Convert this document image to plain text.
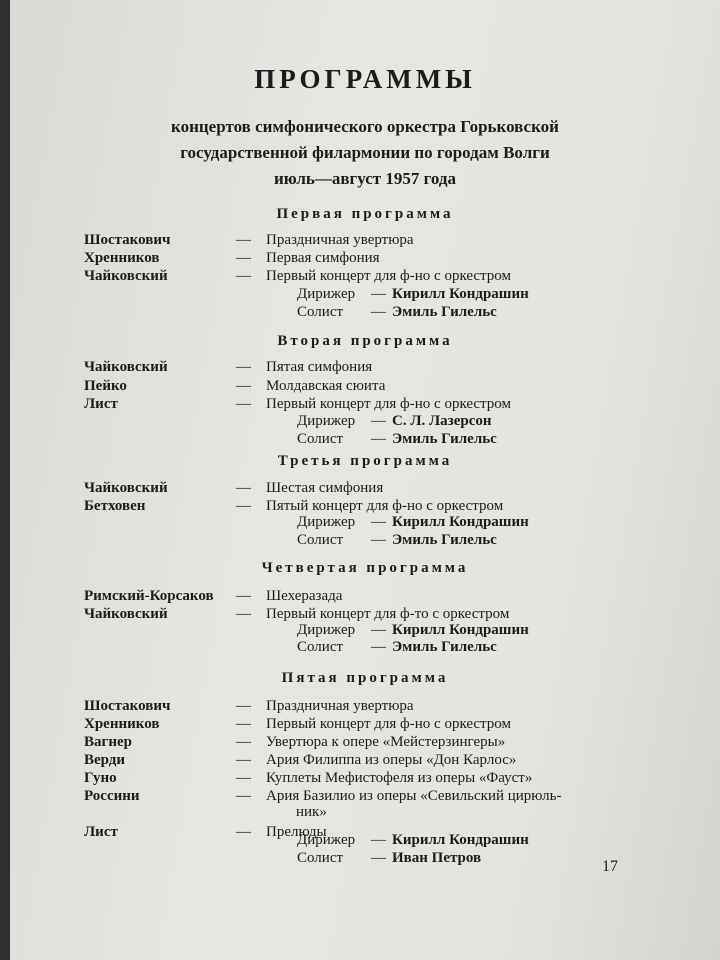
ПРОГРАММЫ
концертов симфонического оркестра Горьковской
государственной филармонии по городам Волги
июль—август 1957 года
Первая программа
Шостакович	— Праздничная увертюра
Хренников	— Первая симфония
Чайковский	— Первый концерт для ф-но с оркестром
Дирижер — Кирилл Кондрашин
Солист — Эмиль Гилельс
Вторая программа
Чайковский	— Пятая симфония
Пейко	— Молдавская сюита
Лист	— Первый концерт для ф-но с оркестром
Дирижер — С. Л. Лазерсон
Солист — Эмиль Гилельс
Третья программа
Чайковский	— Шестая симфония
Бетховен	— Пятый концерт для ф-но с оркестром
Дирижер — Кирилл Кондрашин
Солист — Эмиль Гилельс
Четвертая программа
Римский-Корсаков — Шехеразада
Чайковский	— Первый концерт для ф-то с оркестром
Дирижер — Кирилл Кондрашин
Солист — Эмиль Гилельс
Пятая программа
Шостакович	— Праздничная увертюра
Хренников	— Первый концерт для ф-но с оркестром
Вагнер	— Увертюра к опере «Мейстерзингеры»
Верди	— Ария Филиппа из оперы «Дон Карлос»
Гуно	— Куплеты Мефистофеля из оперы «Фауст»
Россини	— Ария Базилио из оперы «Севильский цирюль-
ник»
Лист	— Прелюды
Дирижер — Кирилл Кондрашин
Солист — Иван Петров	17
